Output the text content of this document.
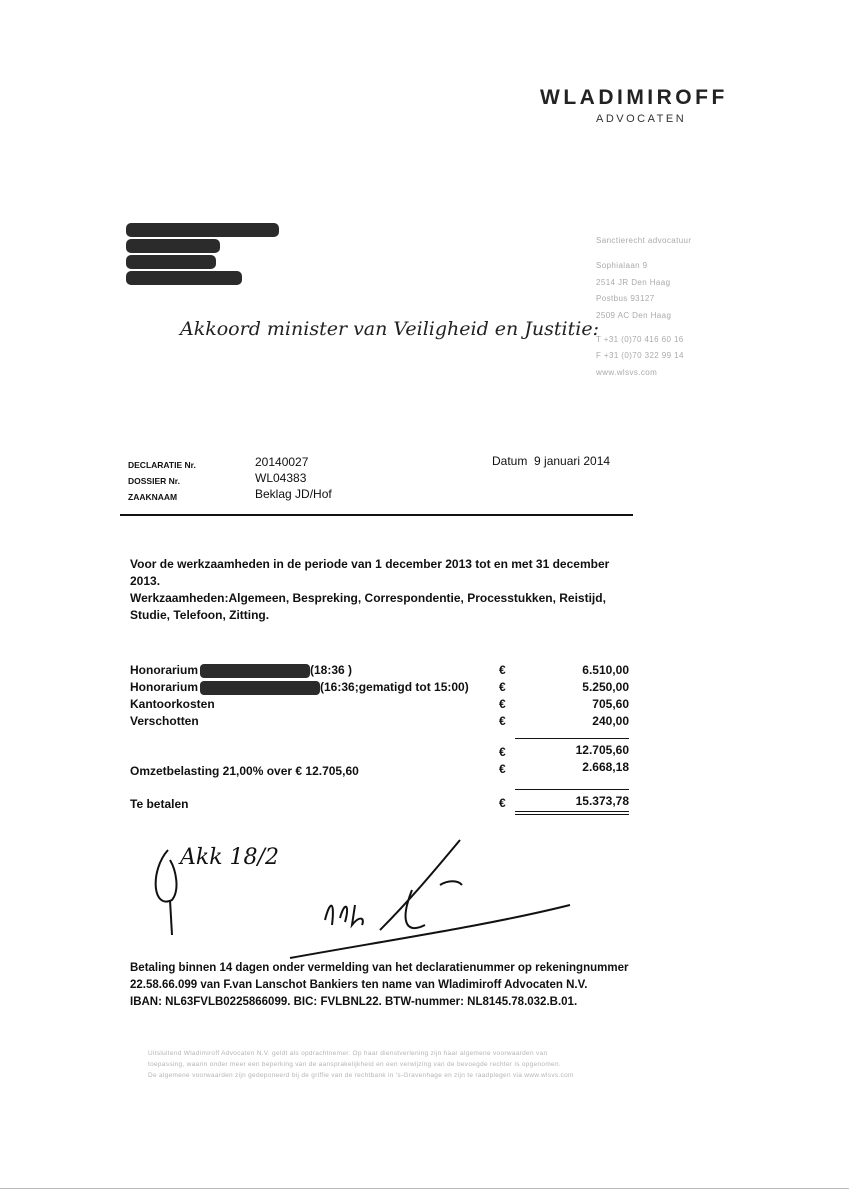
WLADIMIROFF
ADVOCATEN
Sanctierecht advocatuur
Sophialaan 9
2514 JR Den Haag
Postbus 93127
2509 AC Den Haag
T +31 (0)70 416 60 16
F +31 (0)70 322 99 14
www.wlsvs.com
Akkoord minister van Veiligheid en Justitie:
DECLARATIE Nr.	20140027
DOSSIER Nr.	WL04383
ZAAKNAAM	Beklag JD/Hof
Datum 9 januari 2014
Voor de werkzaamheden in de periode van 1 december 2013 tot en met 31 december
2013.
Werkzaamheden:Algemeen, Bespreking, Correspondentie, Processtukken, Reistijd,
Studie, Telefoon, Zitting.
Honorarium	(18:36 )	€	6.510,00
Honorarium	(16:36;gematigd tot 15:00)	€	5.250,00
Kantoorkosten	€	705,60
Verschotten	€	240,00
€	12.705,60
Omzetbelasting 21,00% over € 12.705,60	€	2.668,18
Te betalen	€	15.373,78
Akk 18/2
Betaling binnen 14 dagen onder vermelding van het declaratienummer op rekeningnummer
22.58.66.099 van F.van Lanschot Bankiers ten name van Wladimiroff Advocaten N.V.
IBAN: NL63FVLB0225866099. BIC: FVLBNL22. BTW-nummer: NL8145.78.032.B.01.
Uitsluitend Wladimiroff Advocaten N.V. geldt als opdrachtnemer. Op haar dienstverlening zijn haar algemene voorwaarden van
toepassing, waarin onder meer een beperking van de aansprakelijkheid en een verwijzing van de bevoegde rechter is opgenomen.
De algemene voorwaarden zijn gedeponeerd bij de griffie van de rechtbank in 's-Gravenhage en zijn te raadplegen via www.wlsvs.com
